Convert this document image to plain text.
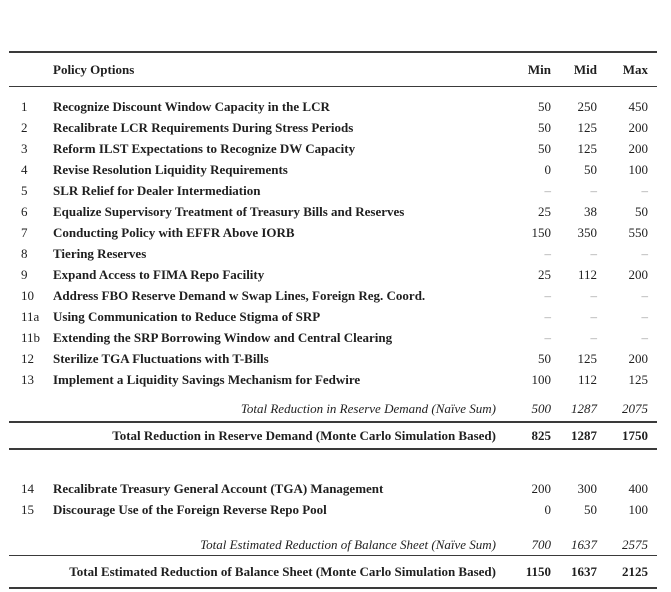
	Policy Options	Min	Mid	Max
1	Recognize Discount Window Capacity in the LCR	50	250	450
2	Recalibrate LCR Requirements During Stress Periods	50	125	200
3	Reform ILST Expectations to Recognize DW Capacity	50	125	200
4	Revise Resolution Liquidity Requirements	0	50	100
5	SLR Relief for Dealer Intermediation	–	–	–
6	Equalize Supervisory Treatment of Treasury Bills and Reserves	25	38	50
7	Conducting Policy with EFFR Above IORB	150	350	550
8	Tiering Reserves	–	–	–
9	Expand Access to FIMA Repo Facility	25	112	200
10	Address FBO Reserve Demand w Swap Lines, Foreign Reg. Coord.	–	–	–
11a	Using Communication to Reduce Stigma of SRP	–	–	–
11b	Extending the SRP Borrowing Window and Central Clearing	–	–	–
12	Sterilize TGA Fluctuations with T-Bills	50	125	200
13	Implement a Liquidity Savings Mechanism for Fedwire	100	112	125
Total Reduction in Reserve Demand (Naïve Sum)		500	1287	2075
Total Reduction in Reserve Demand (Monte Carlo Simulation Based)		825	1287	1750

14	Recalibrate Treasury General Account (TGA) Management	200	300	400
15	Discourage Use of the Foreign Reverse Repo Pool	0	50	100
Total Estimated Reduction of Balance Sheet (Naïve Sum)		700	1637	2575
Total Estimated Reduction of Balance Sheet (Monte Carlo Simulation Based)		1150	1637	2125
